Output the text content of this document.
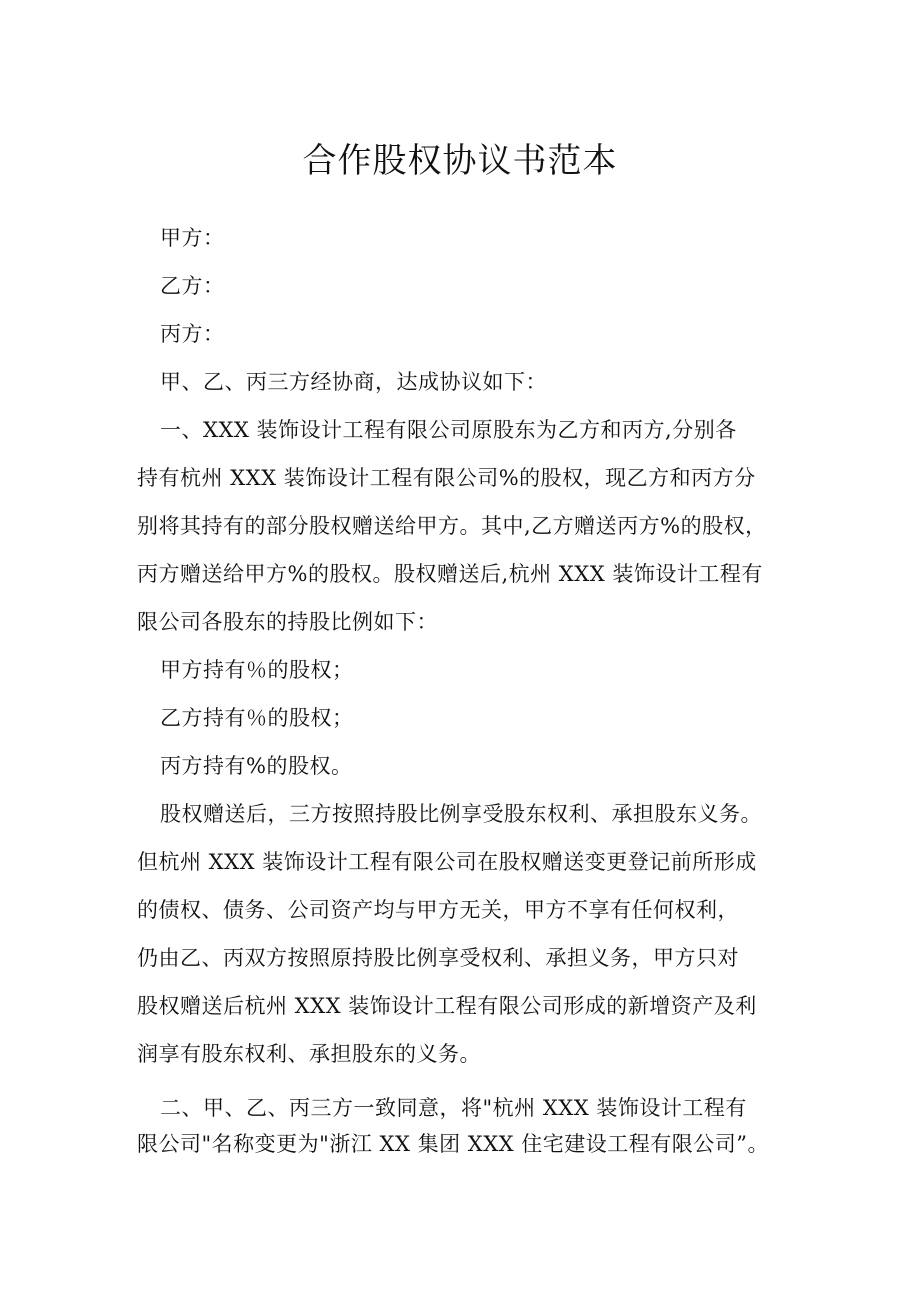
合作股权协议书范本
甲方：
乙方：
丙方：
甲、乙、丙三方经协商，达成协议如下：
一、XXX 装饰设计工程有限公司原股东为乙方和丙方,分别各
持有杭州 XXX 装饰设计工程有限公司%的股权，现乙方和丙方分
别将其持有的部分股权赠送给甲方。其中,乙方赠送丙方%的股权，
丙方赠送给甲方%的股权。股权赠送后,杭州 XXX 装饰设计工程有
限公司各股东的持股比例如下：
甲方持有％的股权；
乙方持有％的股权；
丙方持有%的股权。
股权赠送后，三方按照持股比例享受股东权利、承担股东义务。
但杭州 XXX 装饰设计工程有限公司在股权赠送变更登记前所形成
的债权、债务、公司资产均与甲方无关，甲方不享有任何权利，
仍由乙、丙双方按照原持股比例享受权利、承担义务，甲方只对
股权赠送后杭州 XXX 装饰设计工程有限公司形成的新增资产及利
润享有股东权利、承担股东的义务。
二、甲、乙、丙三方一致同意，将"杭州 XXX 装饰设计工程有
限公司"名称变更为"浙江 XX 集团 XXX 住宅建设工程有限公司”。
